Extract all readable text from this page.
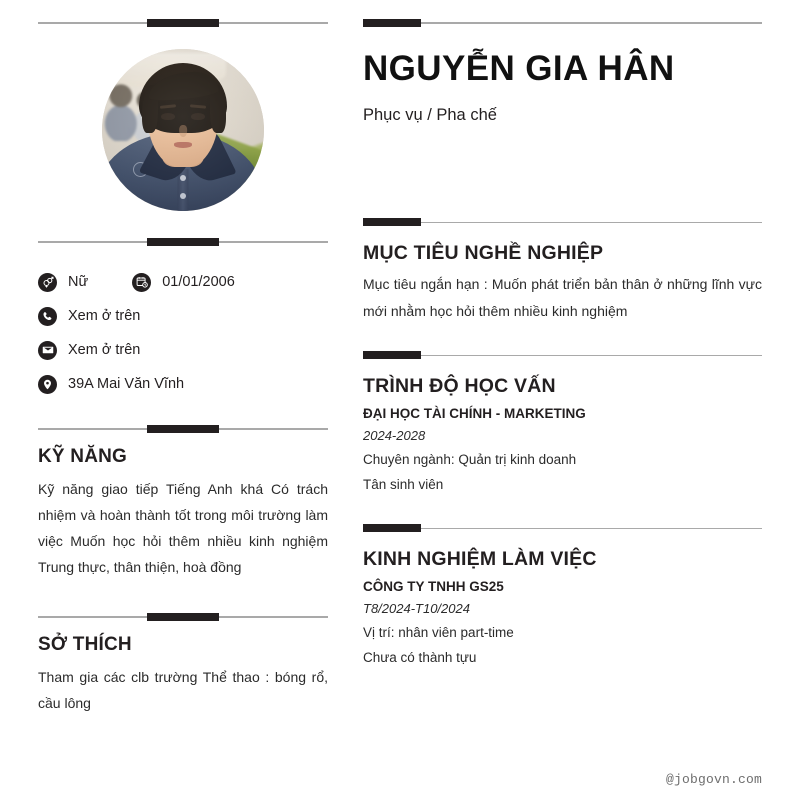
Nữ	01/01/2006
Xem ở trên
Xem ở trên
39A Mai Văn Vĩnh
KỸ NĂNG
Kỹ năng giao tiếp Tiếng Anh khá Có trách nhiệm và hoàn thành tốt trong môi trường làm việc Muốn học hỏi thêm nhiều kinh nghiệm Trung thực, thân thiện, hoà đồng
SỞ THÍCH
Tham gia các clb trường Thể thao : bóng rổ, cầu lông
NGUYỄN GIA HÂN
Phục vụ / Pha chế
MỤC TIÊU NGHỀ NGHIỆP
Mục tiêu ngắn hạn : Muốn phát triển bản thân ở những lĩnh vực mới nhằm học hỏi thêm nhiều kinh nghiệm
TRÌNH ĐỘ HỌC VẤN
ĐẠI HỌC TÀI CHÍNH - MARKETING
2024-2028
Chuyên ngành: Quản trị kinh doanh
Tân sinh viên
KINH NGHIỆM LÀM VIỆC
CÔNG TY TNHH GS25
T8/2024-T10/2024
Vị trí: nhân viên part-time
Chưa có thành tựu
@jobgovn.com
